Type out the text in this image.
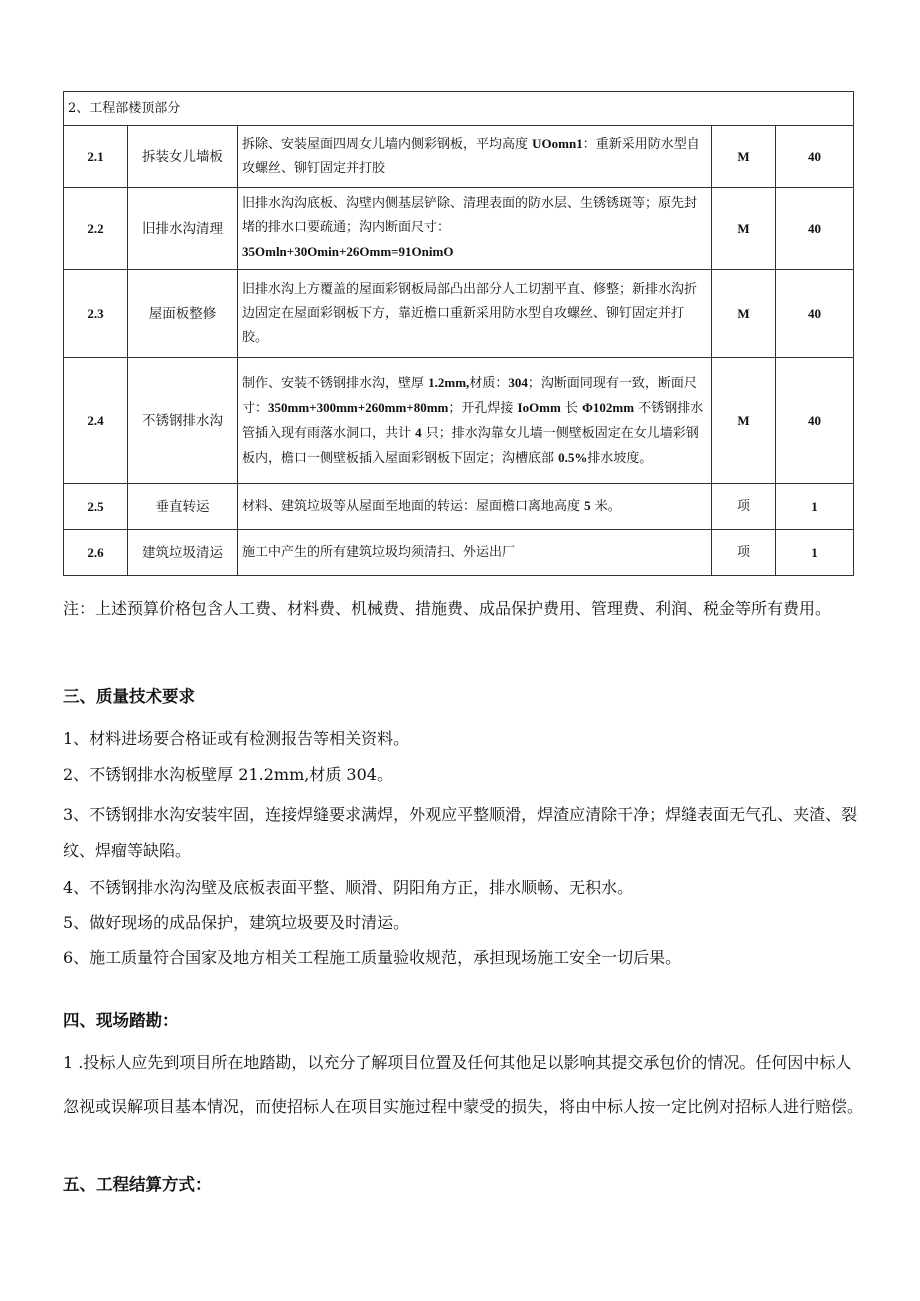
2、工程部楼顶部分				
2.1	拆装女儿墙板	拆除、安装屋面四周女儿墙内侧彩钢板，平均高度 UOomn1：重新采用防水型自攻螺丝、铆钉固定并打胶	M	40
2.2	旧排水沟清理	旧排水沟沟底板、沟壁内侧基层铲除、清理表面的防水层、生锈锈斑等；原先封堵的排水口要疏通；沟内断面尺寸：
35Omln+30Omin+26Omm=91OnimO	M	40
2.3	屋面板整修	旧排水沟上方覆盖的屋面彩钢板局部凸出部分人工切割平直、修整；新排水沟折边固定在屋面彩钢板下方，靠近檐口重新采用防水型自攻螺丝、铆钉固定并打胶。	M	40
2.4	不锈钢排水沟	制作、安装不锈钢排水沟，壁厚 1.2mm,材质：304；沟断面同现有一致，断面尺寸：350mm+300mm+260mm+80mm；开孔焊接 IoOmm 长 Φ102mm 不锈钢排水管插入现有雨落水洞口，共计 4 只；排水沟靠女儿墙一侧壁板固定在女儿墙彩钢板内，檐口一侧壁板插入屋面彩钢板下固定；沟槽底部 0.5%排水坡度。	M	40
2.5	垂直转运	材料、建筑垃圾等从屋面至地面的转运：屋面檐口离地高度 5 米。	项	1
2.6	建筑垃圾清运	施工中产生的所有建筑垃圾均须清扫、外运出厂	项	1

注：上述预算价格包含人工费、材料费、机械费、措施费、成品保护费用、管理费、利润、税金等所有费用。

三、质量技术要求

1、材料进场要合格证或有检测报告等相关资料。

2、不锈钢排水沟板壁厚 21.2mm,材质 304。

3、不锈钢排水沟安装牢固，连接焊缝要求满焊，外观应平整顺滑，焊渣应清除干净；焊缝表面无气孔、夹渣、裂纹、焊瘤等缺陷。

4、不锈钢排水沟沟壁及底板表面平整、顺滑、阴阳角方正，排水顺畅、无积水。

5、做好现场的成品保护，建筑垃圾要及时清运。

6、施工质量符合国家及地方相关工程施工质量验收规范，承担现场施工安全一切后果。

四、现场踏勘：

1 .投标人应先到项目所在地踏勘，以充分了解项目位置及任何其他足以影响其提交承包价的情况。任何因中标人忽视或误解项目基本情况，而使招标人在项目实施过程中蒙受的损失，将由中标人按一定比例对招标人进行赔偿。

五、工程结算方式：
